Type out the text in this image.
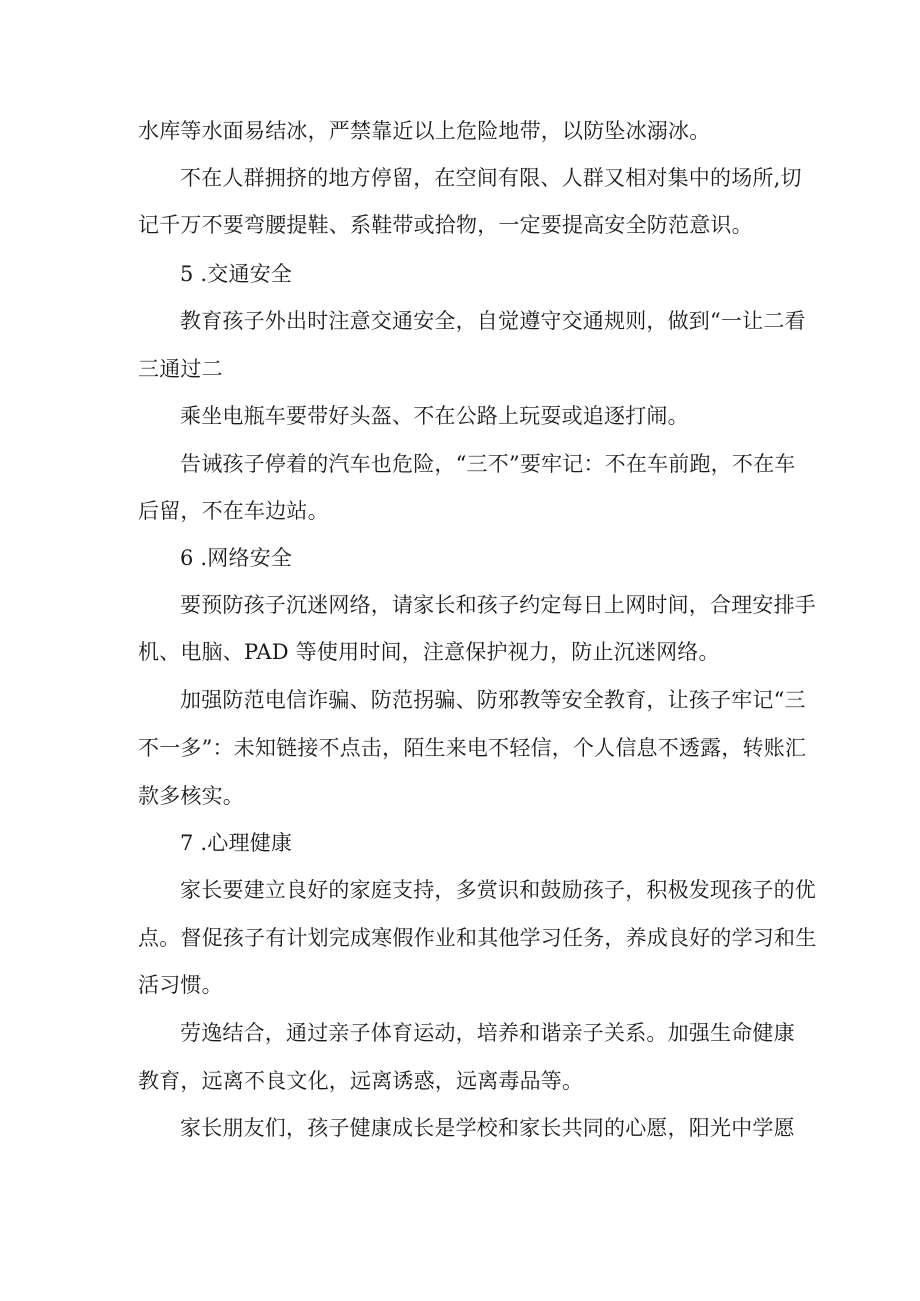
水库等水面易结冰，严禁靠近以上危险地带，以防坠冰溺冰。
不在人群拥挤的地方停留，在空间有限、人群又相对集中的场所,切
记千万不要弯腰提鞋、系鞋带或拾物，一定要提高安全防范意识。
5 .交通安全
教育孩子外出时注意交通安全，自觉遵守交通规则，做到“一让二看
三通过二
乘坐电瓶车要带好头盔、不在公路上玩耍或追逐打闹。
告诫孩子停着的汽车也危险，“三不”要牢记：不在车前跑，不在车
后留，不在车边站。
6 .网络安全
要预防孩子沉迷网络，请家长和孩子约定每日上网时间，合理安排手
机、电脑、PAD 等使用时间，注意保护视力，防止沉迷网络。
加强防范电信诈骗、防范拐骗、防邪教等安全教育，让孩子牢记“三
不一多”：未知链接不点击，陌生来电不轻信，个人信息不透露，转账汇
款多核实。
7 .心理健康
家长要建立良好的家庭支持，多赏识和鼓励孩子，积极发现孩子的优
点。督促孩子有计划完成寒假作业和其他学习任务，养成良好的学习和生
活习惯。
劳逸结合，通过亲子体育运动，培养和谐亲子关系。加强生命健康
教育，远离不良文化，远离诱惑，远离毒品等。
家长朋友们，孩子健康成长是学校和家长共同的心愿，阳光中学愿
